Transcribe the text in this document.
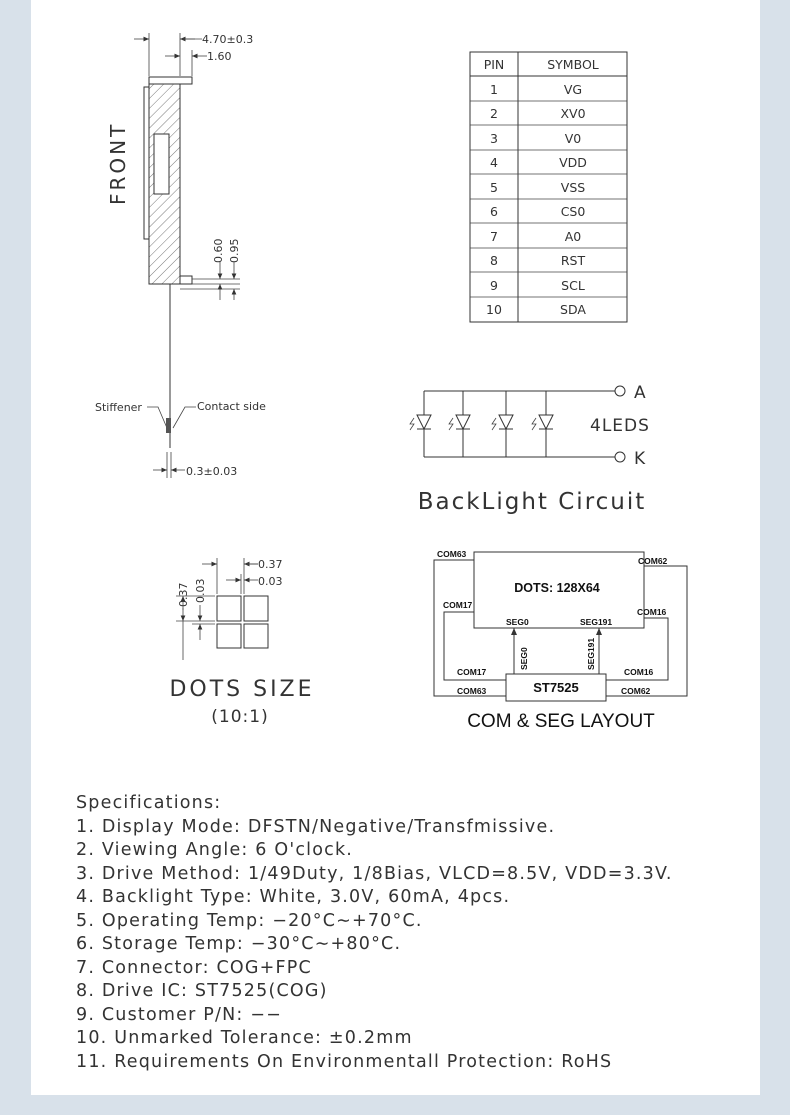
4.70±0.3
1.60
FRONT
0.60 0.95
Stiffener	Contact side
0.3±0.03
PIN	SYMBOL
1	VG
2	XV0
3	V0
4	VDD
5	VSS
6	CS0
7	A0
8	RST
9	SCL
10	SDA
A
K
4LEDS
BackLight Circuit
0.37
0.03
0.37 0.03
DOTS SIZE
(10:1)
DOTS: 128X64
ST7525
COM63
COM62
COM17
COM16
SEG0	SEG191
SEG0	SEG191
COM17	COM16
COM63	COM62
COM & SEG LAYOUT
Specifications:
1. Display Mode: DFSTN/Negative/Transfmissive.
2. Viewing Angle: 6 O'clock.
3. Drive Method: 1/49Duty, 1/8Bias, VLCD=8.5V, VDD=3.3V.
4. Backlight Type: White, 3.0V, 60mA, 4pcs.
5. Operating Temp: −20°C∼+70°C.
6. Storage Temp: −30°C∼+80°C.
7. Connector: COG+FPC
8. Drive IC: ST7525(COG)
9. Customer P/N: −−
10. Unmarked Tolerance: ±0.2mm
11. Requirements On Environmentall Protection: RoHS
